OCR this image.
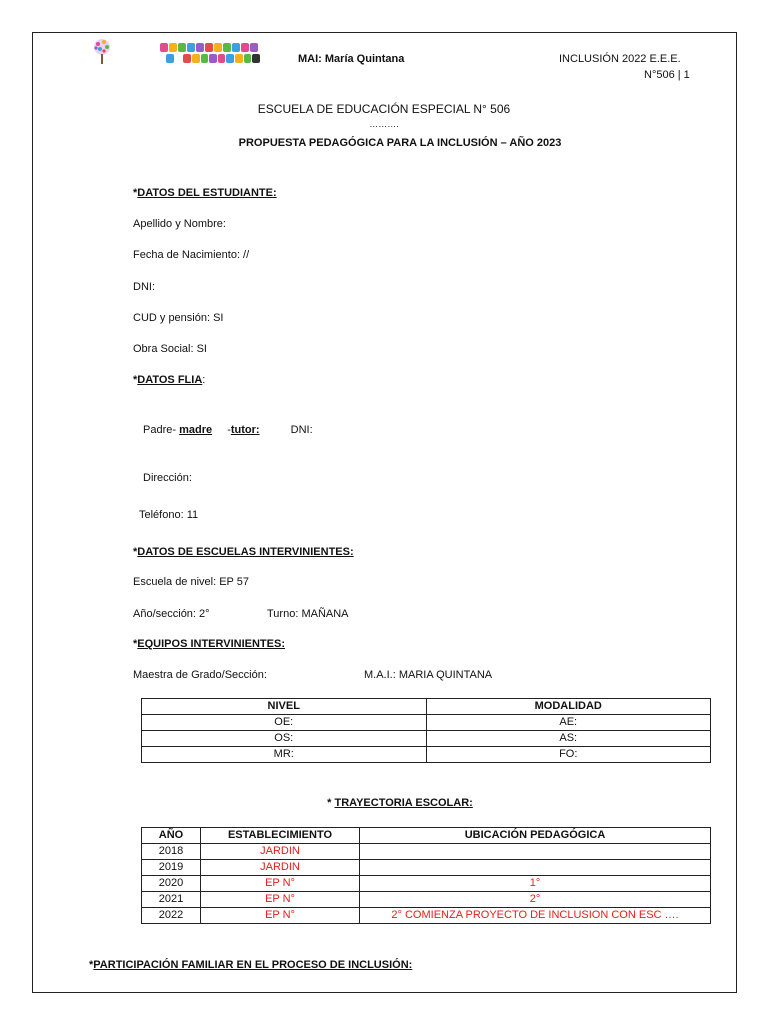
MAI: María Quintana	INCLUSIÓN 2022 E.E.E.
N°506 | 1
ESCUELA DE EDUCACIÓN ESPECIAL N° 506
……….
PROPUESTA PEDAGÓGICA PARA LA INCLUSIÓN – AÑO 2023
*DATOS DEL ESTUDIANTE:
Apellido y Nombre:
Fecha de Nacimiento: //
DNI:
CUD y pensión: SI
Obra Social: SI
*DATOS FLIA:
Padre- madre -tutor:	DNI:
Dirección:
Teléfono: 11
*DATOS DE ESCUELAS INTERVINIENTES:
Escuela de nivel: EP 57
Año/sección: 2°	Turno: MAÑANA
*EQUIPOS INTERVINIENTES:
Maestra de Grado/Sección:	M.A.I.: MARIA QUINTANA
NIVEL	MODALIDAD
OE:	AE:
OS:	AS:
MR:	FO:
* TRAYECTORIA ESCOLAR:
AÑO	ESTABLECIMIENTO	UBICACIÓN PEDAGÓGICA
2018	JARDIN	
2019	JARDIN	
2020	EP N°	1°
2021	EP N°	2°
2022	EP N°	2° COMIENZA PROYECTO DE INCLUSION CON ESC ….
*PARTICIPACIÓN FAMILIAR EN EL PROCESO DE INCLUSIÓN:
